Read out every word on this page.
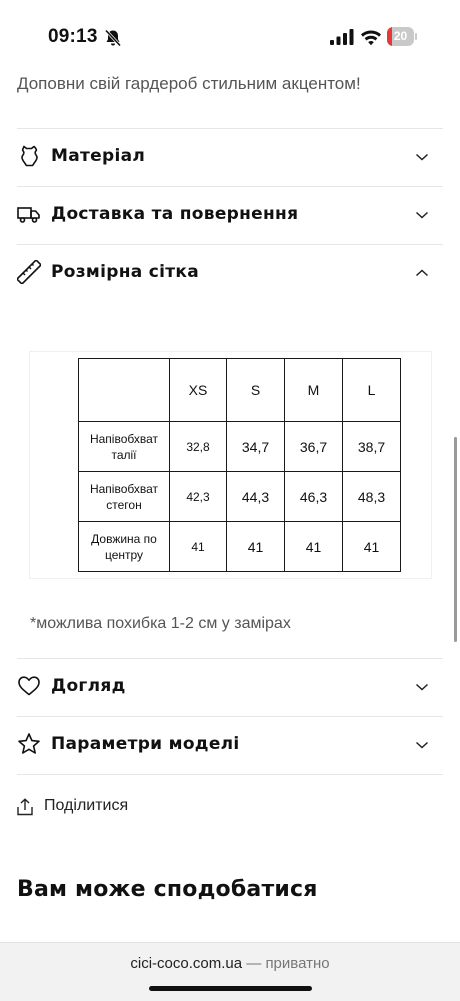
09:13	20
Доповни свій гардероб стильним акцентом!
Матеріал
Доставка та повернення
Розмірна сітка
	XS	S	M	L
Напівобхват талії	32,8	34,7	36,7	38,7
Напівобхват стегон	42,3	44,3	46,3	48,3
Довжина по центру	41	41	41	41
*можлива похибка 1-2 см у замірах
Догляд
Параметри моделі
Поділитися
Вам може сподобатися
cici-coco.com.ua — приватно
